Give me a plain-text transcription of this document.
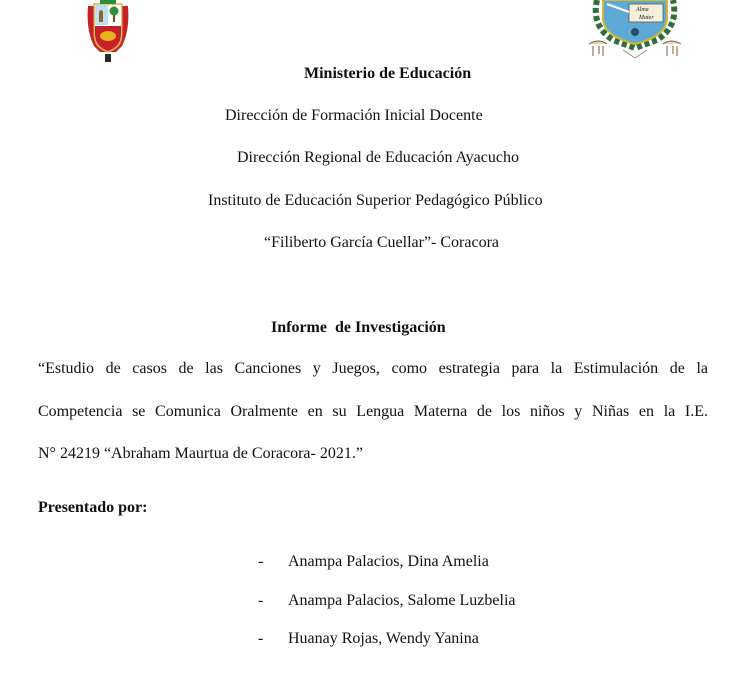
Alma
Mater
Ministerio de Educación
Dirección de Formación Inicial Docente
Dirección Regional de Educación Ayacucho
Instituto de Educación Superior Pedagógico Público
“Filiberto García Cuellar”- Coracora
Informe  de Investigación
“Estudio de casos de las Canciones y Juegos, como estrategia para la Estimulación de la
Competencia se Comunica Oralmente en su Lengua Materna de los niños y Niñas en la I.E.
N° 24219 “Abraham Maurtua de Coracora- 2021.”
Presentado por:
- Anampa Palacios, Dina Amelia
- Anampa Palacios, Salome Luzbelia
- Huanay Rojas, Wendy Yanina
